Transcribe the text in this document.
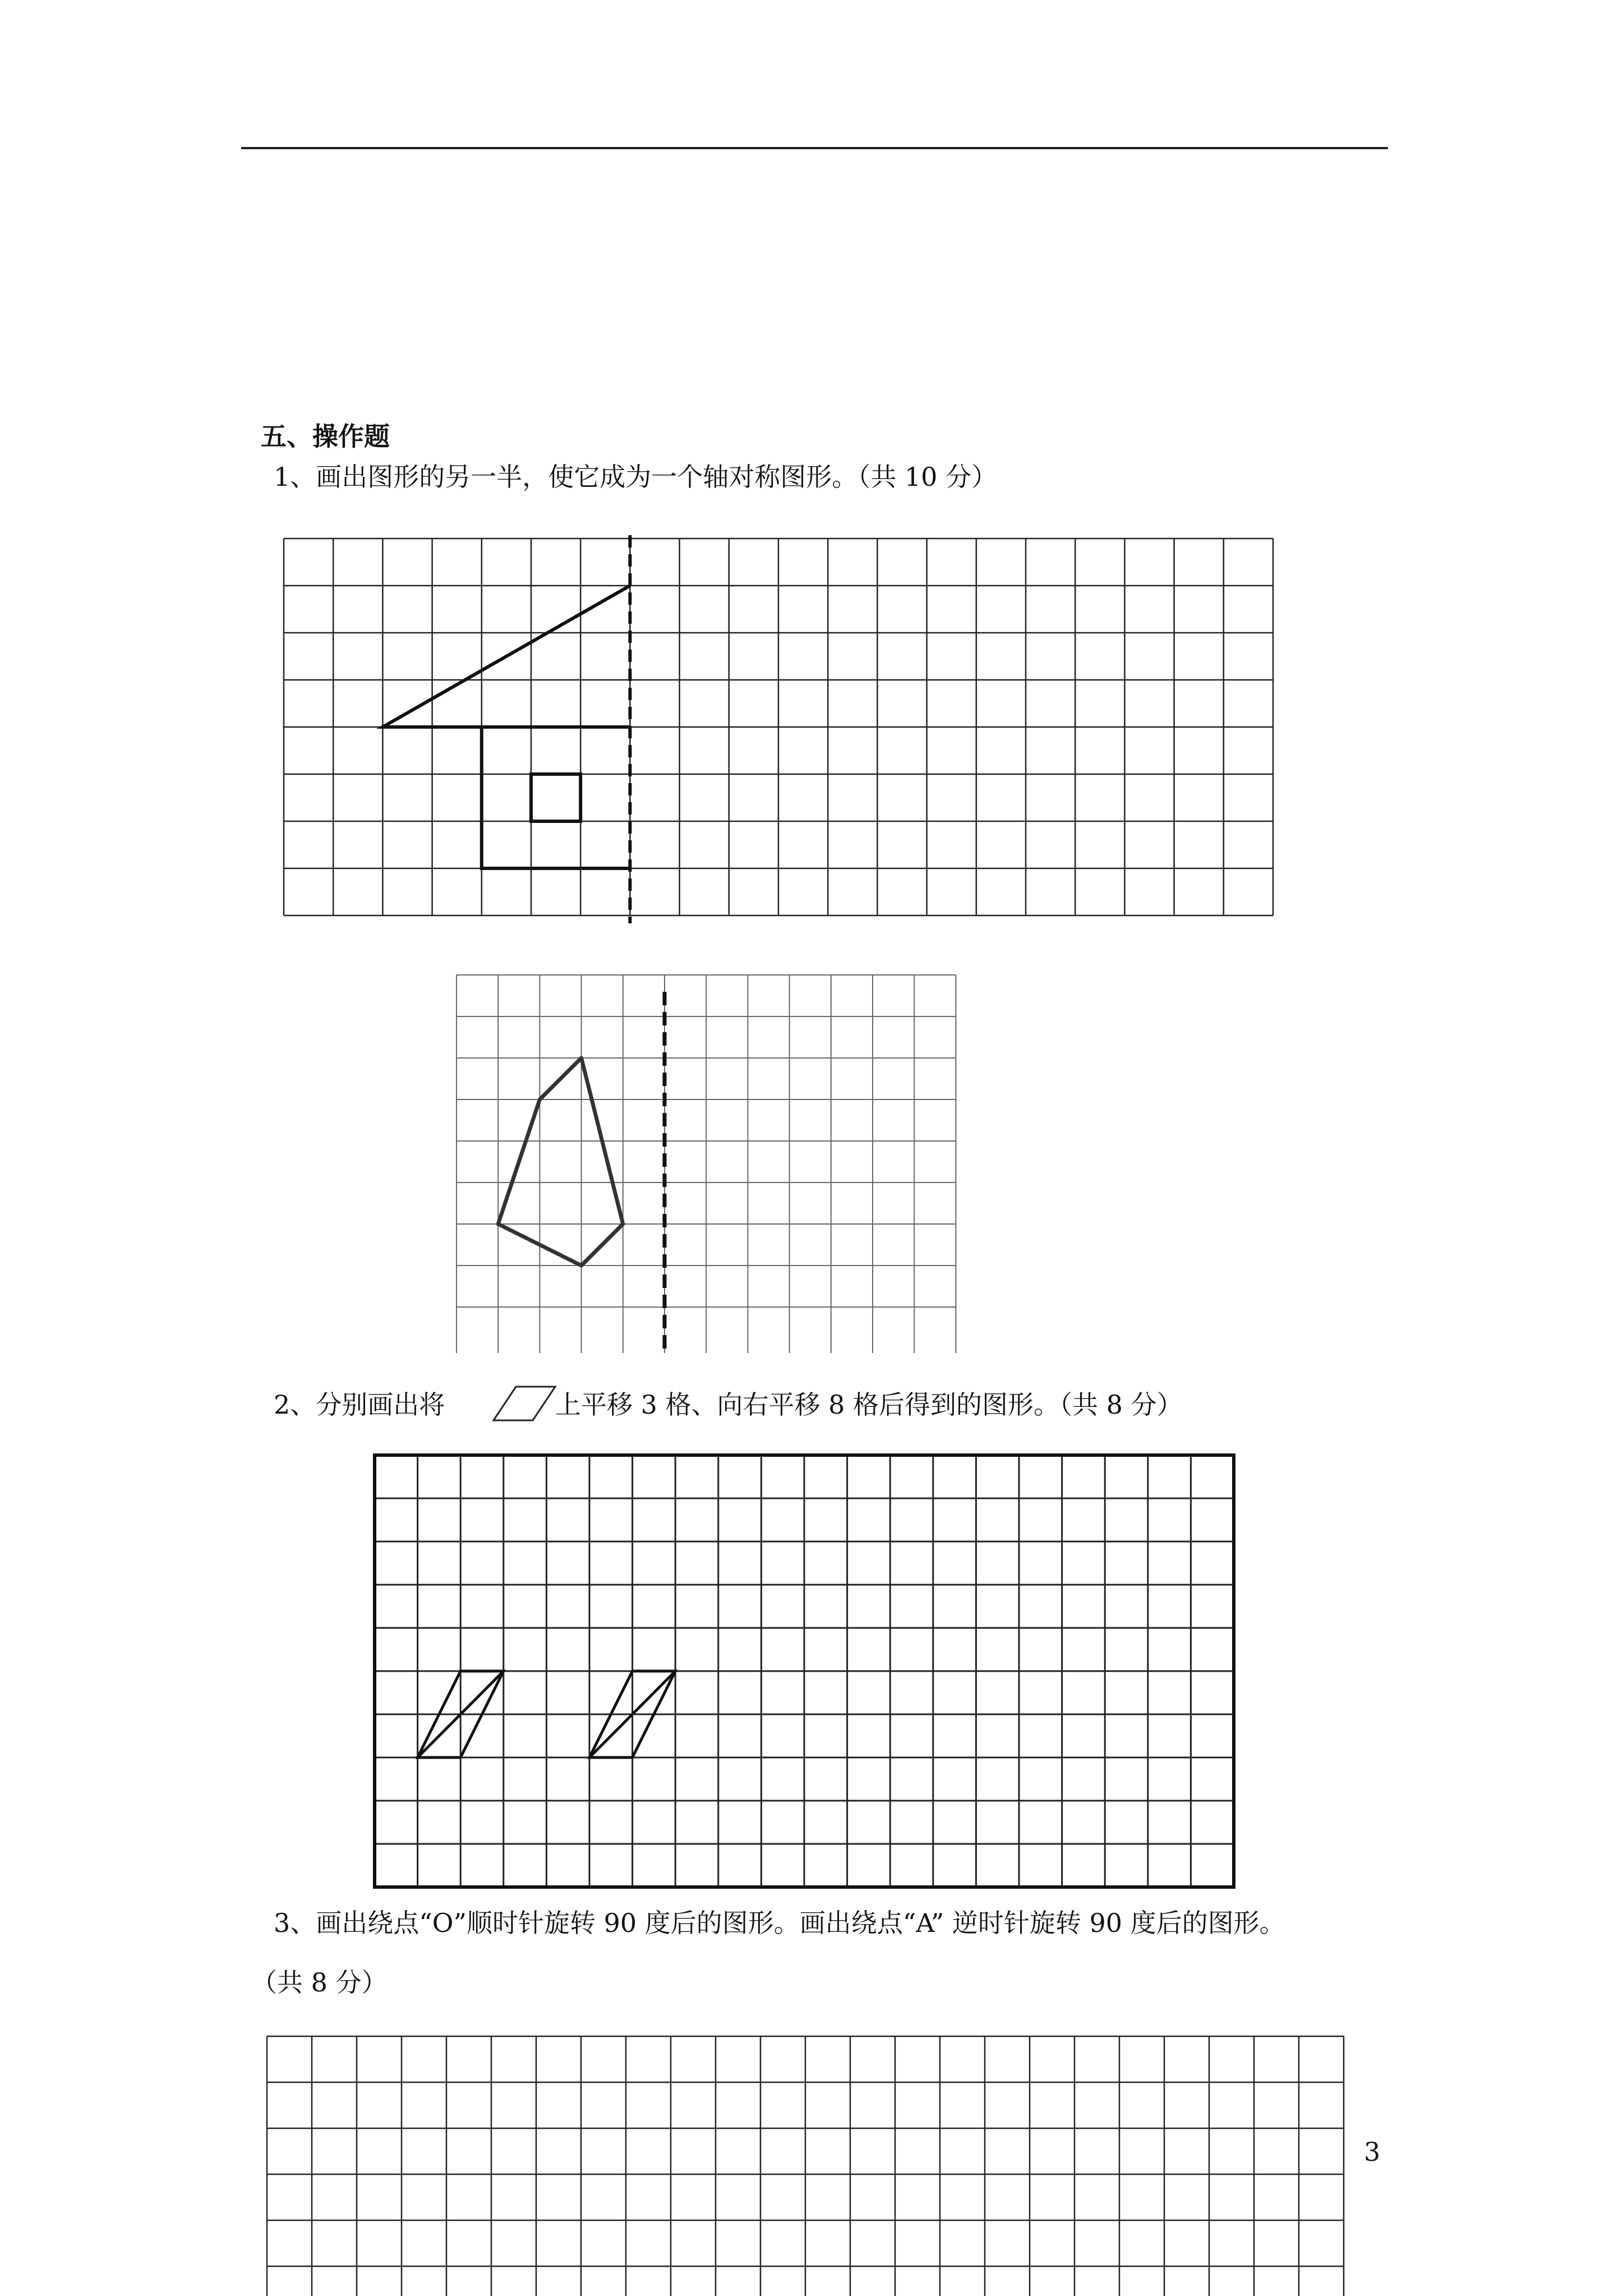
五、操作题
1、画出图形的另一半，使它成为一个轴对称图形。（共 10 分）
2、分别画出将	上平移 3 格、向右平移 8 格后得到的图形。（共 8 分）
3、画出绕点“O”顺时针旋转 90 度后的图形。画出绕点“A” 逆时针旋转 90 度后的图形。
（共 8 分）
3
